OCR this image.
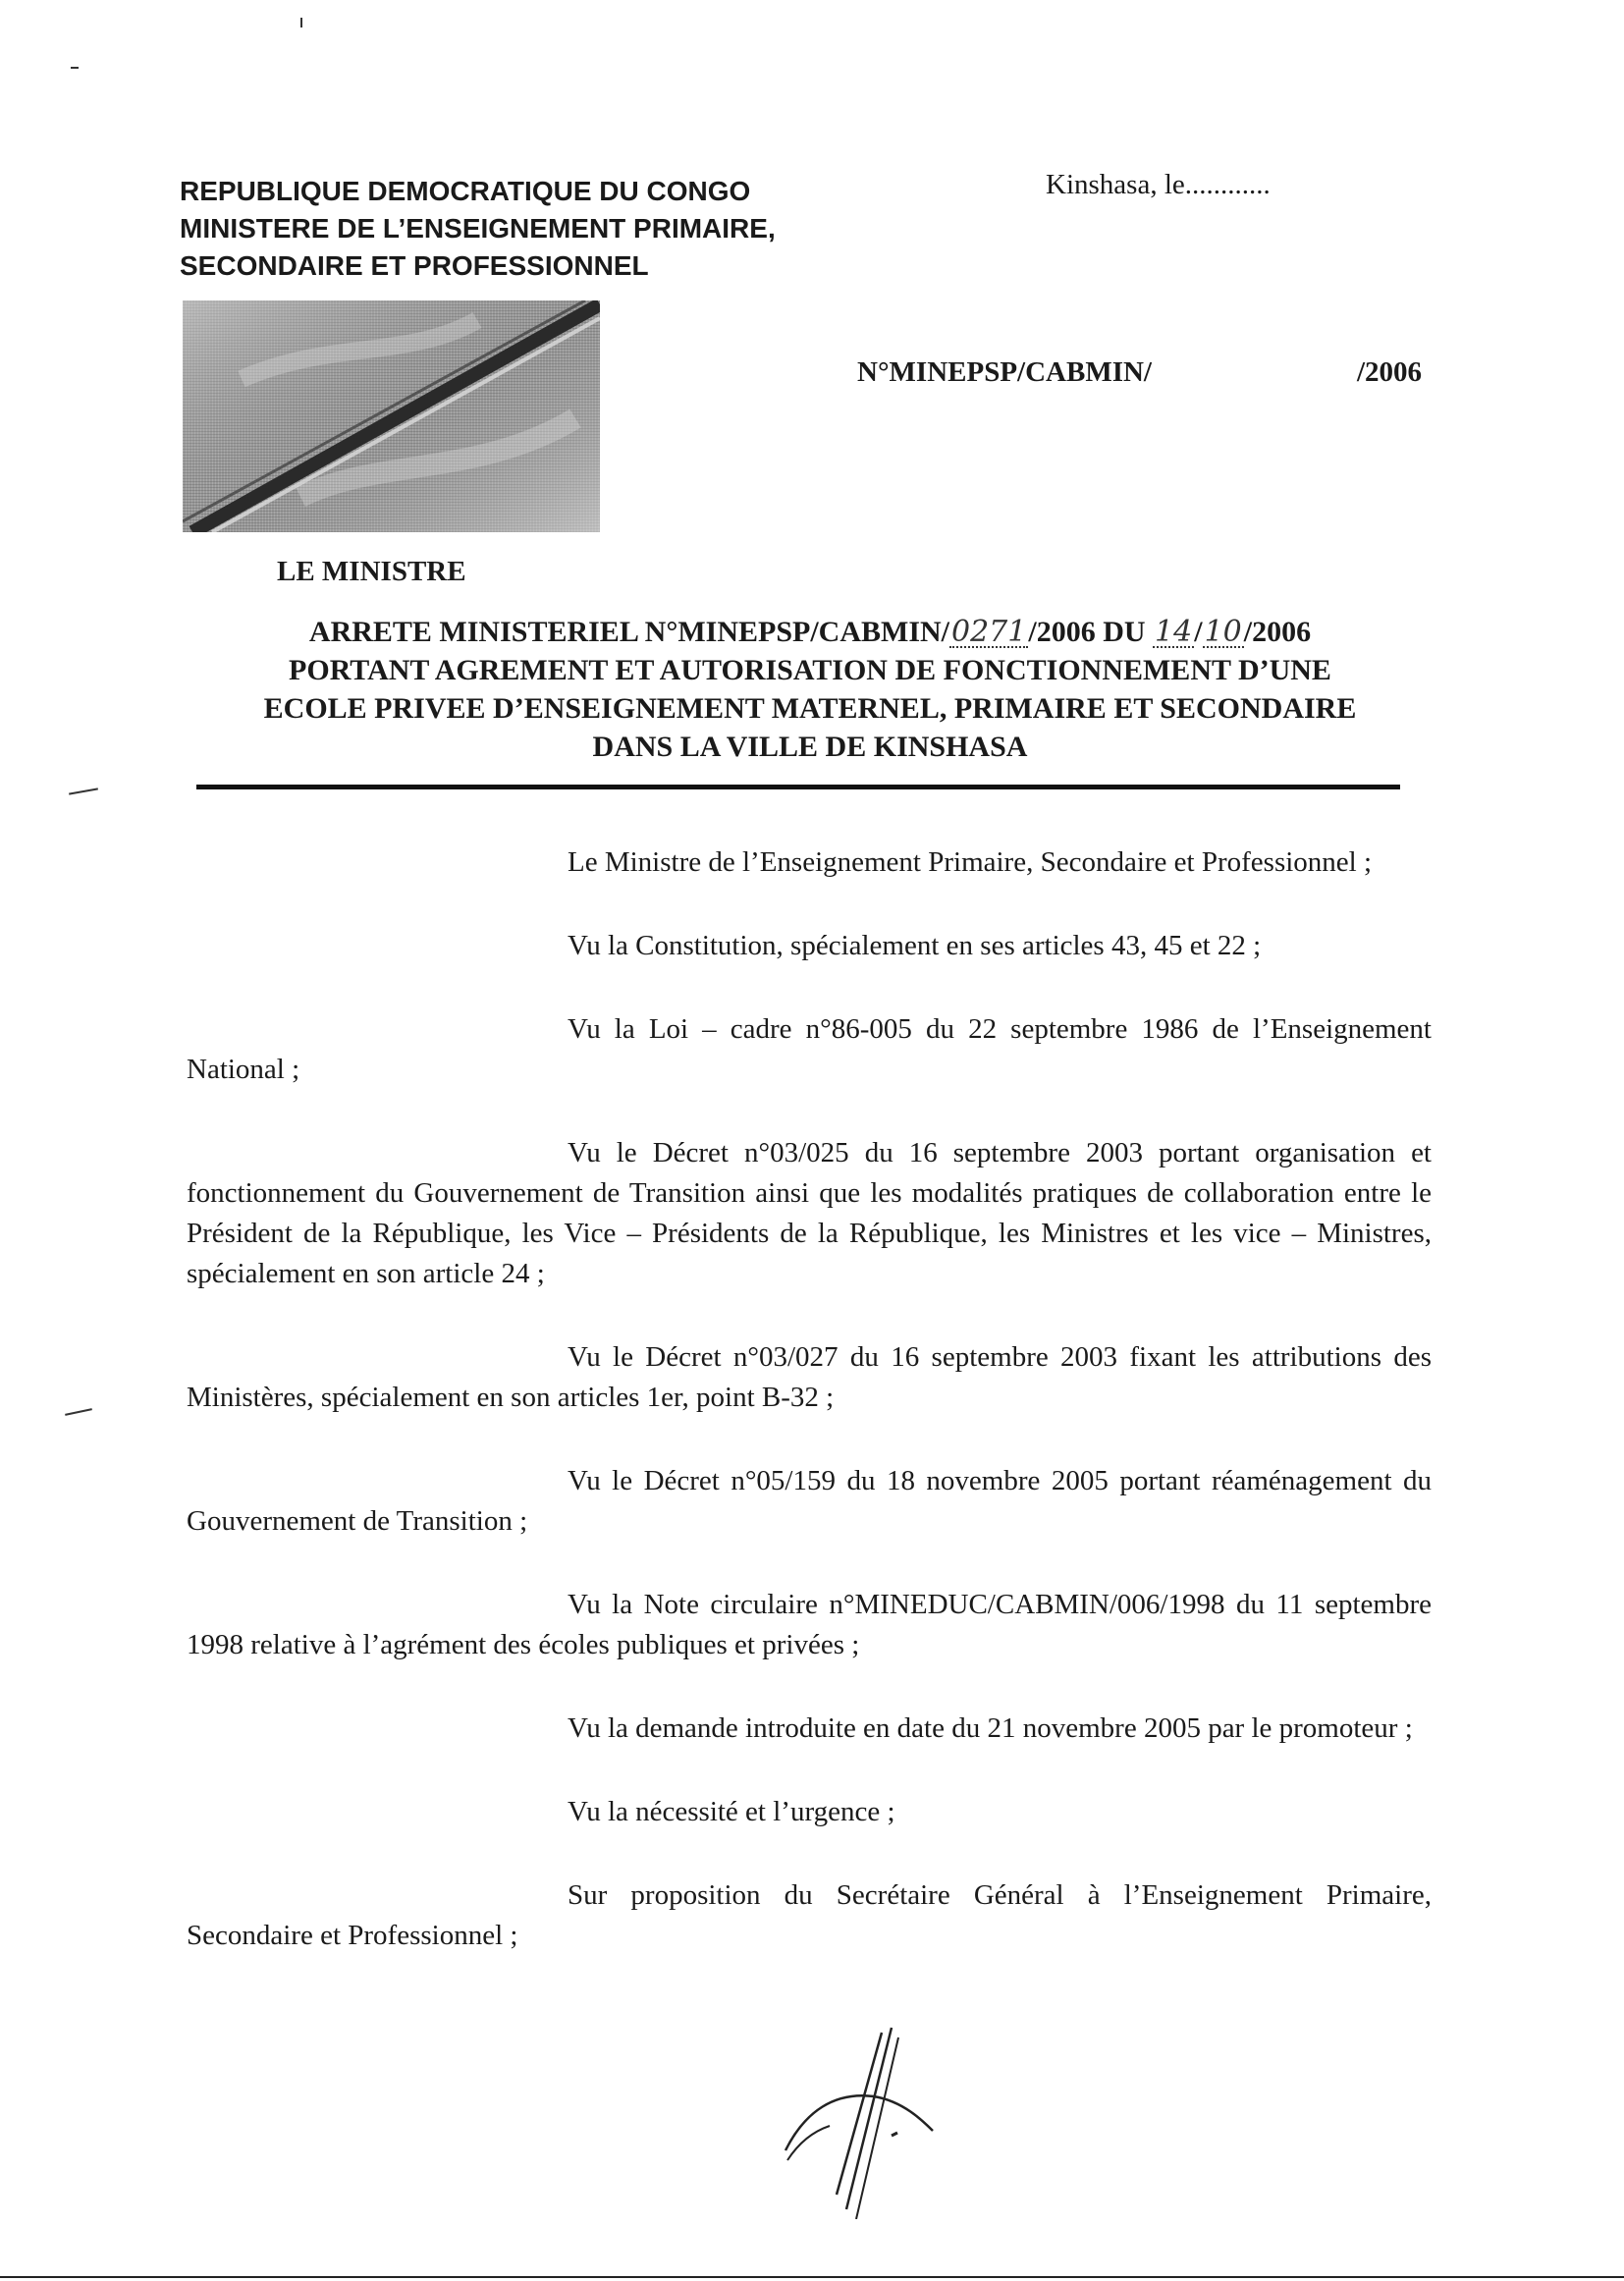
REPUBLIQUE DEMOCRATIQUE DU CONGO
MINISTERE DE L’ENSEIGNEMENT PRIMAIRE,
SECONDAIRE ET PROFESSIONNEL
Kinshasa, le............
N°MINEPSP/CABMIN/	/2006
LE MINISTRE
ARRETE MINISTERIEL N°MINEPSP/CABMIN/0271/2006 DU 14/10/2006
PORTANT AGREMENT ET AUTORISATION DE FONCTIONNEMENT D’UNE
ECOLE PRIVEE D’ENSEIGNEMENT MATERNEL, PRIMAIRE ET SECONDAIRE
DANS LA VILLE DE KINSHASA

Le Ministre de l’Enseignement Primaire, Secondaire et Professionnel ;

Vu la Constitution, spécialement en ses articles 43, 45 et 22 ;

Vu la Loi – cadre n°86-005 du 22 septembre 1986 de l’Enseignement National ;

Vu le Décret n°03/025 du 16 septembre 2003 portant organisation et fonctionnement du Gouvernement de Transition ainsi que les modalités pratiques de collaboration entre le Président de la République, les Vice – Présidents de la République, les Ministres et les vice – Ministres, spécialement en son article 24 ;

Vu le Décret n°03/027 du 16 septembre 2003 fixant les attributions des Ministères, spécialement en son articles 1er, point B-32 ;

Vu le Décret n°05/159 du 18 novembre 2005 portant réaménagement du Gouvernement de Transition ;

Vu la Note circulaire n°MINEDUC/CABMIN/006/1998 du 11 septembre 1998 relative à l’agrément des écoles publiques et privées ;

Vu la demande introduite en date du 21 novembre 2005 par le promoteur ;

Vu la nécessité et l’urgence ;

Sur proposition du Secrétaire Général à l’Enseignement Primaire, Secondaire et Professionnel ;
